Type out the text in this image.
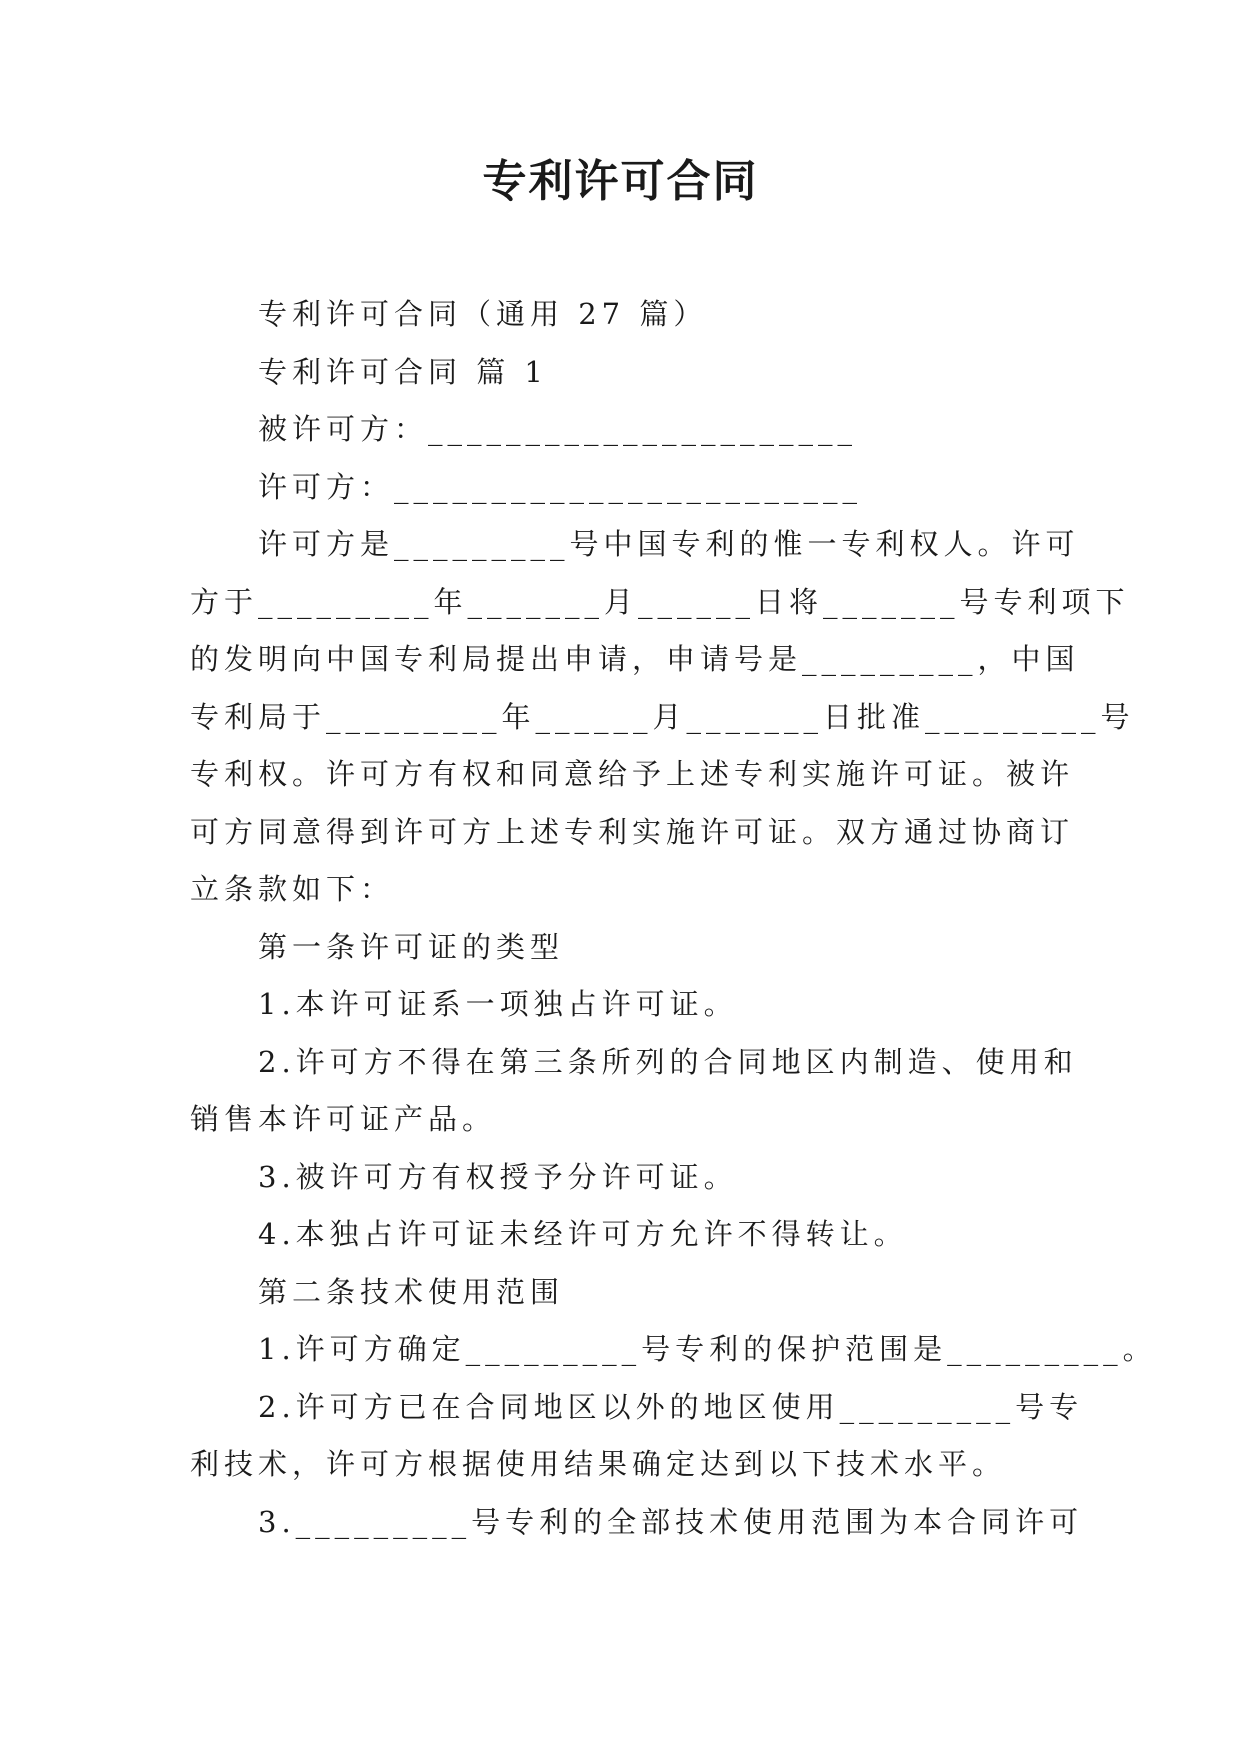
专利许可合同
专利许可合同（通用 27 篇）
专利许可合同 篇 1
被许可方：______________________
许可方：________________________
许可方是_________号中国专利的惟一专利权人。许可
方于_________年_______月______日将_______号专利项下
的发明向中国专利局提出申请，申请号是_________，中国
专利局于_________年______月_______日批准_________号
专利权。许可方有权和同意给予上述专利实施许可证。被许
可方同意得到许可方上述专利实施许可证。双方通过协商订
立条款如下：
第一条许可证的类型
1.本许可证系一项独占许可证。
2.许可方不得在第三条所列的合同地区内制造、使用和
销售本许可证产品。
3.被许可方有权授予分许可证。
4.本独占许可证未经许可方允许不得转让。
第二条技术使用范围
1.许可方确定_________号专利的保护范围是_________。
2.许可方已在合同地区以外的地区使用_________号专
利技术，许可方根据使用结果确定达到以下技术水平。
3._________号专利的全部技术使用范围为本合同许可
